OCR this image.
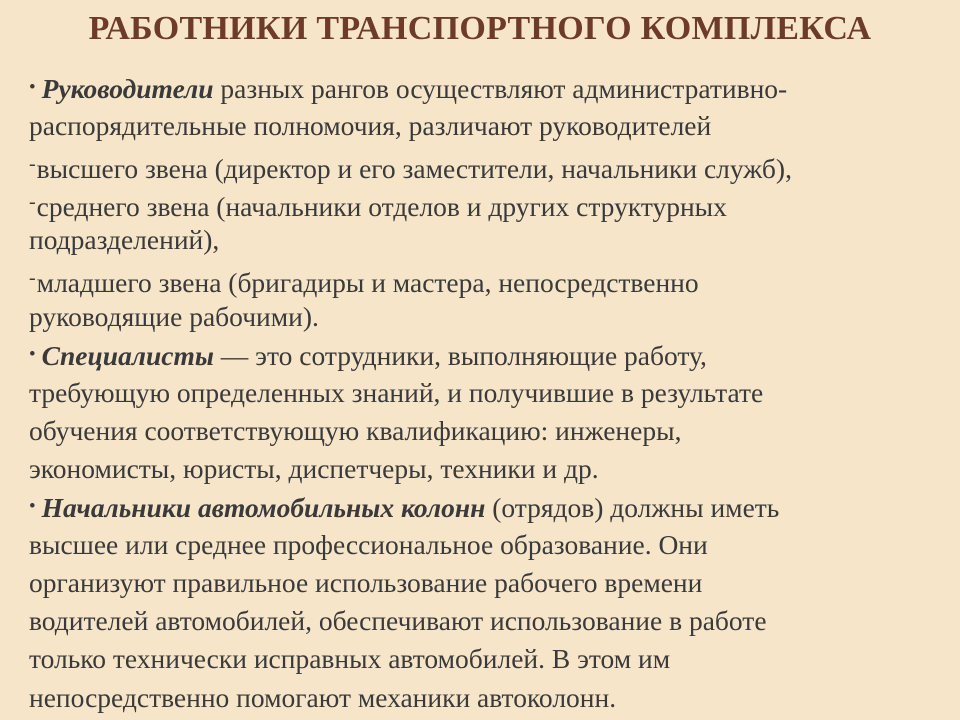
РАБОТНИКИ ТРАНСПОРТНОГО КОМПЛЕКСА
• Руководители разных рангов осуществляют административно-
распорядительные полномочия, различают руководителей
-высшего звена (директор и его заместители, начальники служб),
-среднего звена (начальники отделов и других структурных
подразделений),
-младшего звена (бригадиры и мастера, непосредственно
руководящие рабочими).
• Специалисты — это сотрудники, выполняющие работу,
требующую определенных знаний, и получившие в результате
обучения соответствующую квалификацию: инженеры,
экономисты, юристы, диспетчеры, техники и др.
• Начальники автомобильных колонн (отрядов) должны иметь
высшее или среднее профессиональное образование. Они
организуют правильное использование рабочего времени
водителей автомобилей, обеспечивают использование в работе
только технически исправных автомобилей. В этом им
непосредственно помогают механики автоколонн.
